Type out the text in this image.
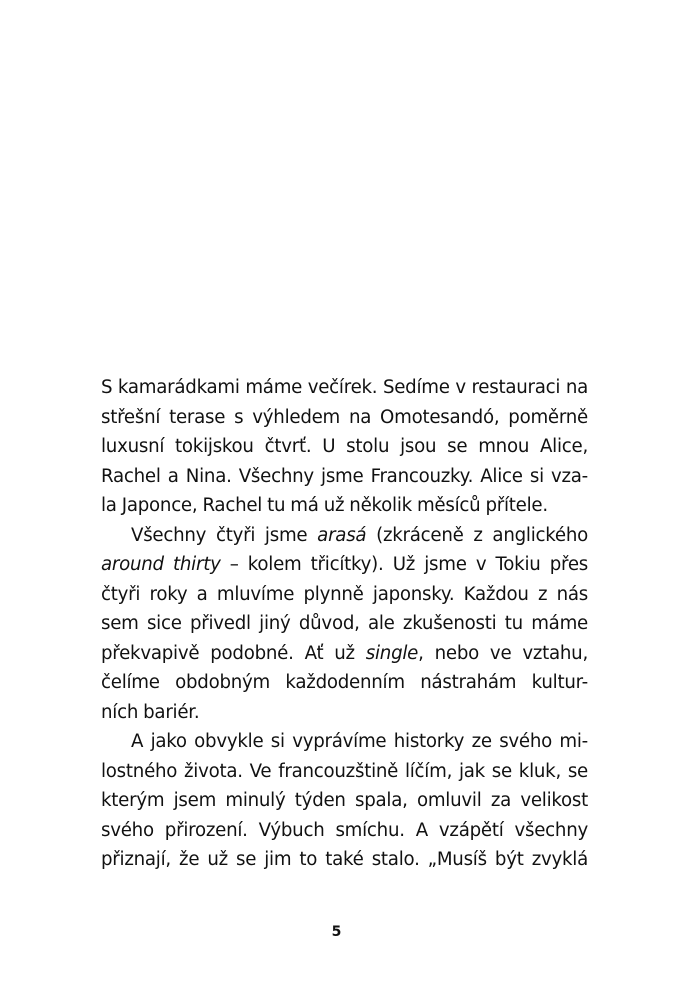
S kamarádkami máme večírek. Sedíme v restauraci na
střešní terase s výhledem na Omotesandó, poměrně
luxusní tokijskou čtvrť. U stolu jsou se mnou Alice,
Rachel a Nina. Všechny jsme Francouzky. Alice si vza-
la Japonce, Rachel tu má už několik měsíců přítele.
Všechny čtyři jsme arasá (zkráceně z anglického
around thirty – kolem třicítky). Už jsme v Tokiu přes
čtyři roky a mluvíme plynně japonsky. Každou z nás
sem sice přivedl jiný důvod, ale zkušenosti tu máme
překvapivě podobné. Ať už single, nebo ve vztahu,
čelíme obdobným každodenním nástrahám kultur-
ních bariér.
A jako obvykle si vyprávíme historky ze svého mi-
lostného života. Ve francouzštině líčím, jak se kluk, se
kterým jsem minulý týden spala, omluvil za velikost
svého přirození. Výbuch smíchu. A vzápětí všechny
přiznají, že už se jim to také stalo. „Musíš být zvyklá
5
